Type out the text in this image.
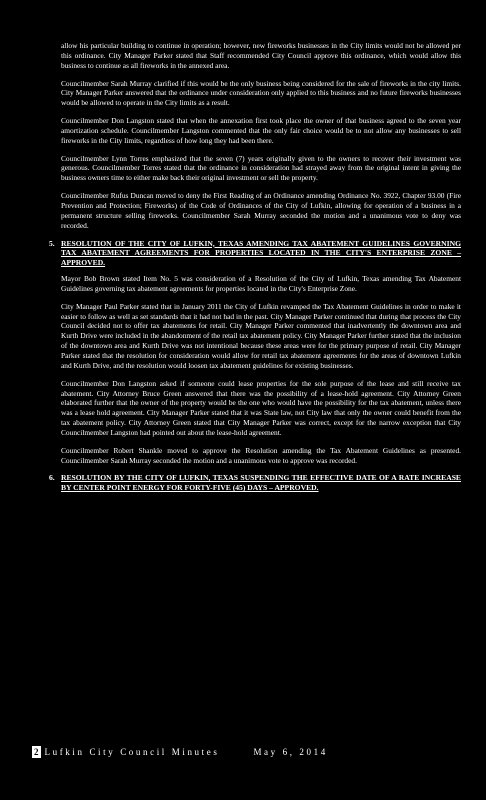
allow his particular building to continue in operation; however, new fireworks businesses in the City limits would not be allowed per this ordinance. City Manager Parker stated that Staff recommended City Council approve this ordinance, which would allow this business to continue as all fireworks in the annexed area.

Councilmember Sarah Murray clarified if this would be the only business being considered for the sale of fireworks in the city limits. City Manager Parker answered that the ordinance under consideration only applied to this business and no future fireworks businesses would be allowed to operate in the City limits as a result.

Councilmember Don Langston stated that when the annexation first took place the owner of that business agreed to the seven year amortization schedule. Councilmember Langston commented that the only fair choice would be to not allow any businesses to sell fireworks in the City limits, regardless of how long they had been there.

Councilmember Lynn Torres emphasized that the seven (7) years originally given to the owners to recover their investment was generous. Councilmember Torres stated that the ordinance in consideration had strayed away from the original intent in giving the business owners time to either make back their original investment or sell the property.

Councilmember Rufus Duncan moved to deny the First Reading of an Ordinance amending Ordinance No. 3922, Chapter 93.00 (Fire Prevention and Protection; Fireworks) of the Code of Ordinances of the City of Lufkin, allowing for operation of a business in a permanent structure selling fireworks. Councilmember Sarah Murray seconded the motion and a unanimous vote to deny was recorded.

5. RESOLUTION OF THE CITY OF LUFKIN, TEXAS AMENDING TAX ABATEMENT GUIDELINES GOVERNING TAX ABATEMENT AGREEMENTS FOR PROPERTIES LOCATED IN THE CITY'S ENTERPRISE ZONE – APPROVED.

Mayor Bob Brown stated Item No. 5 was consideration of a Resolution of the City of Lufkin, Texas amending Tax Abatement Guidelines governing tax abatement agreements for properties located in the City's Enterprise Zone.

City Manager Paul Parker stated that in January 2011 the City of Lufkin revamped the Tax Abatement Guidelines in order to make it easier to follow as well as set standards that it had not had in the past. City Manager Parker continued that during that process the City Council decided not to offer tax abatements for retail. City Manager Parker commented that inadvertently the downtown area and Kurth Drive were included in the abandonment of the retail tax abatement policy. City Manager Parker further stated that the inclusion of the downtown area and Kurth Drive was not intentional because these areas were for the primary purpose of retail. City Manager Parker stated that the resolution for consideration would allow for retail tax abatement agreements for the areas of downtown Lufkin and Kurth Drive, and the resolution would loosen tax abatement guidelines for existing businesses.

Councilmember Don Langston asked if someone could lease properties for the sole purpose of the lease and still receive tax abatement. City Attorney Bruce Green answered that there was the possibility of a lease-hold agreement. City Attorney Green elaborated further that the owner of the property would be the one who would have the possibility for the tax abatement, unless there was a lease hold agreement. City Manager Parker stated that it was State law, not City law that only the owner could benefit from the tax abatement policy. City Attorney Green stated that City Manager Parker was correct, except for the narrow exception that City Councilmember Langston had pointed out about the lease-hold agreement.

Councilmember Robert Shankle moved to approve the Resolution amending the Tax Abatement Guidelines as presented. Councilmember Sarah Murray seconded the motion and a unanimous vote to approve was recorded.

6. RESOLUTION BY THE CITY OF LUFKIN, TEXAS SUSPENDING THE EFFECTIVE DATE OF A RATE INCREASE BY CENTER POINT ENERGY FOR FORTY-FIVE (45) DAYS – APPROVED.
2 Lufkin City Council Minutes	May 6, 2014
